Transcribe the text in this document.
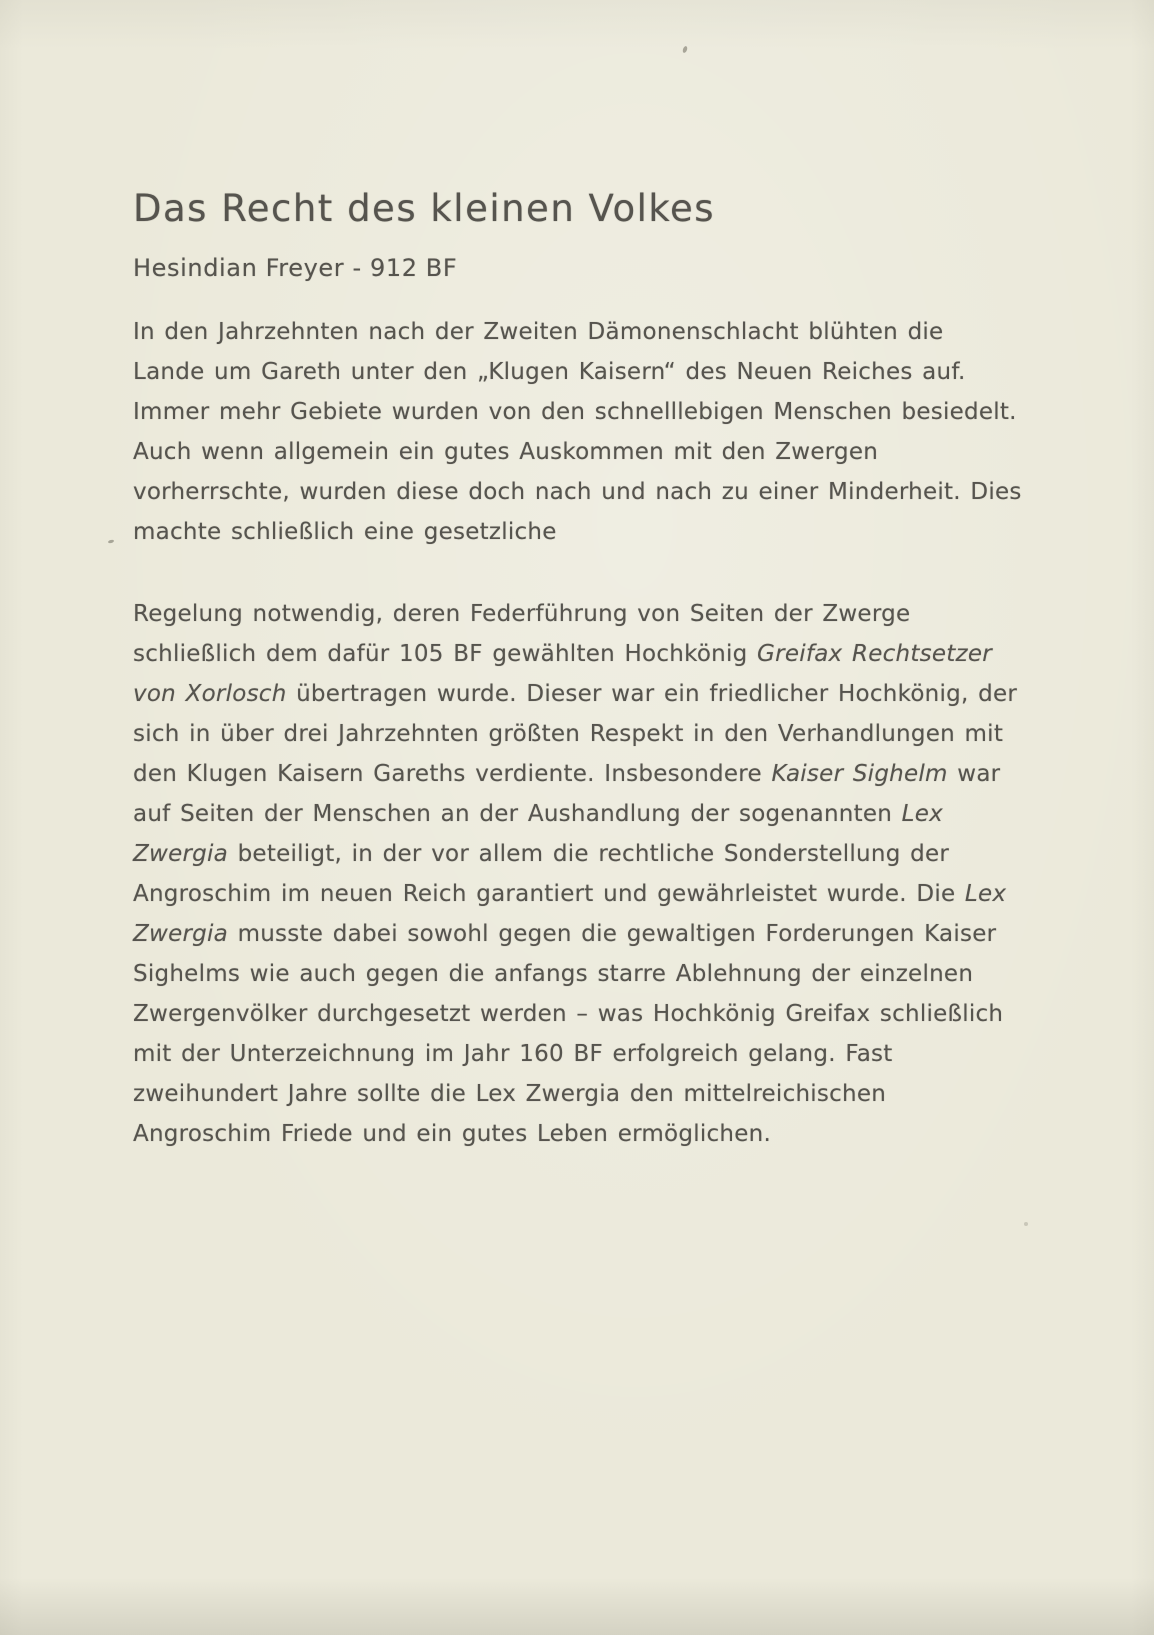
Das Recht des kleinen Volkes
Hesindian Freyer - 912 BF
In den Jahrzehnten nach der Zweiten Dämonenschlacht blühten die
Lande um Gareth unter den „Klugen Kaisern“ des Neuen Reiches auf.
Immer mehr Gebiete wurden von den schnelllebigen Menschen besiedelt.
Auch wenn allgemein ein gutes Auskommen mit den Zwergen
vorherrschte, wurden diese doch nach und nach zu einer Minderheit. Dies
machte schließlich eine gesetzliche
Regelung notwendig, deren Federführung von Seiten der Zwerge
schließlich dem dafür 105 BF gewählten Hochkönig Greifax Rechtsetzer
von Xorlosch übertragen wurde. Dieser war ein friedlicher Hochkönig, der
sich in über drei Jahrzehnten größten Respekt in den Verhandlungen mit
den Klugen Kaisern Gareths verdiente. Insbesondere Kaiser Sighelm war
auf Seiten der Menschen an der Aushandlung der sogenannten Lex
Zwergia beteiligt, in der vor allem die rechtliche Sonderstellung der
Angroschim im neuen Reich garantiert und gewährleistet wurde. Die Lex
Zwergia musste dabei sowohl gegen die gewaltigen Forderungen Kaiser
Sighelms wie auch gegen die anfangs starre Ablehnung der einzelnen
Zwergenvölker durchgesetzt werden – was Hochkönig Greifax schließlich
mit der Unterzeichnung im Jahr 160 BF erfolgreich gelang. Fast
zweihundert Jahre sollte die Lex Zwergia den mittelreichischen
Angroschim Friede und ein gutes Leben ermöglichen.
